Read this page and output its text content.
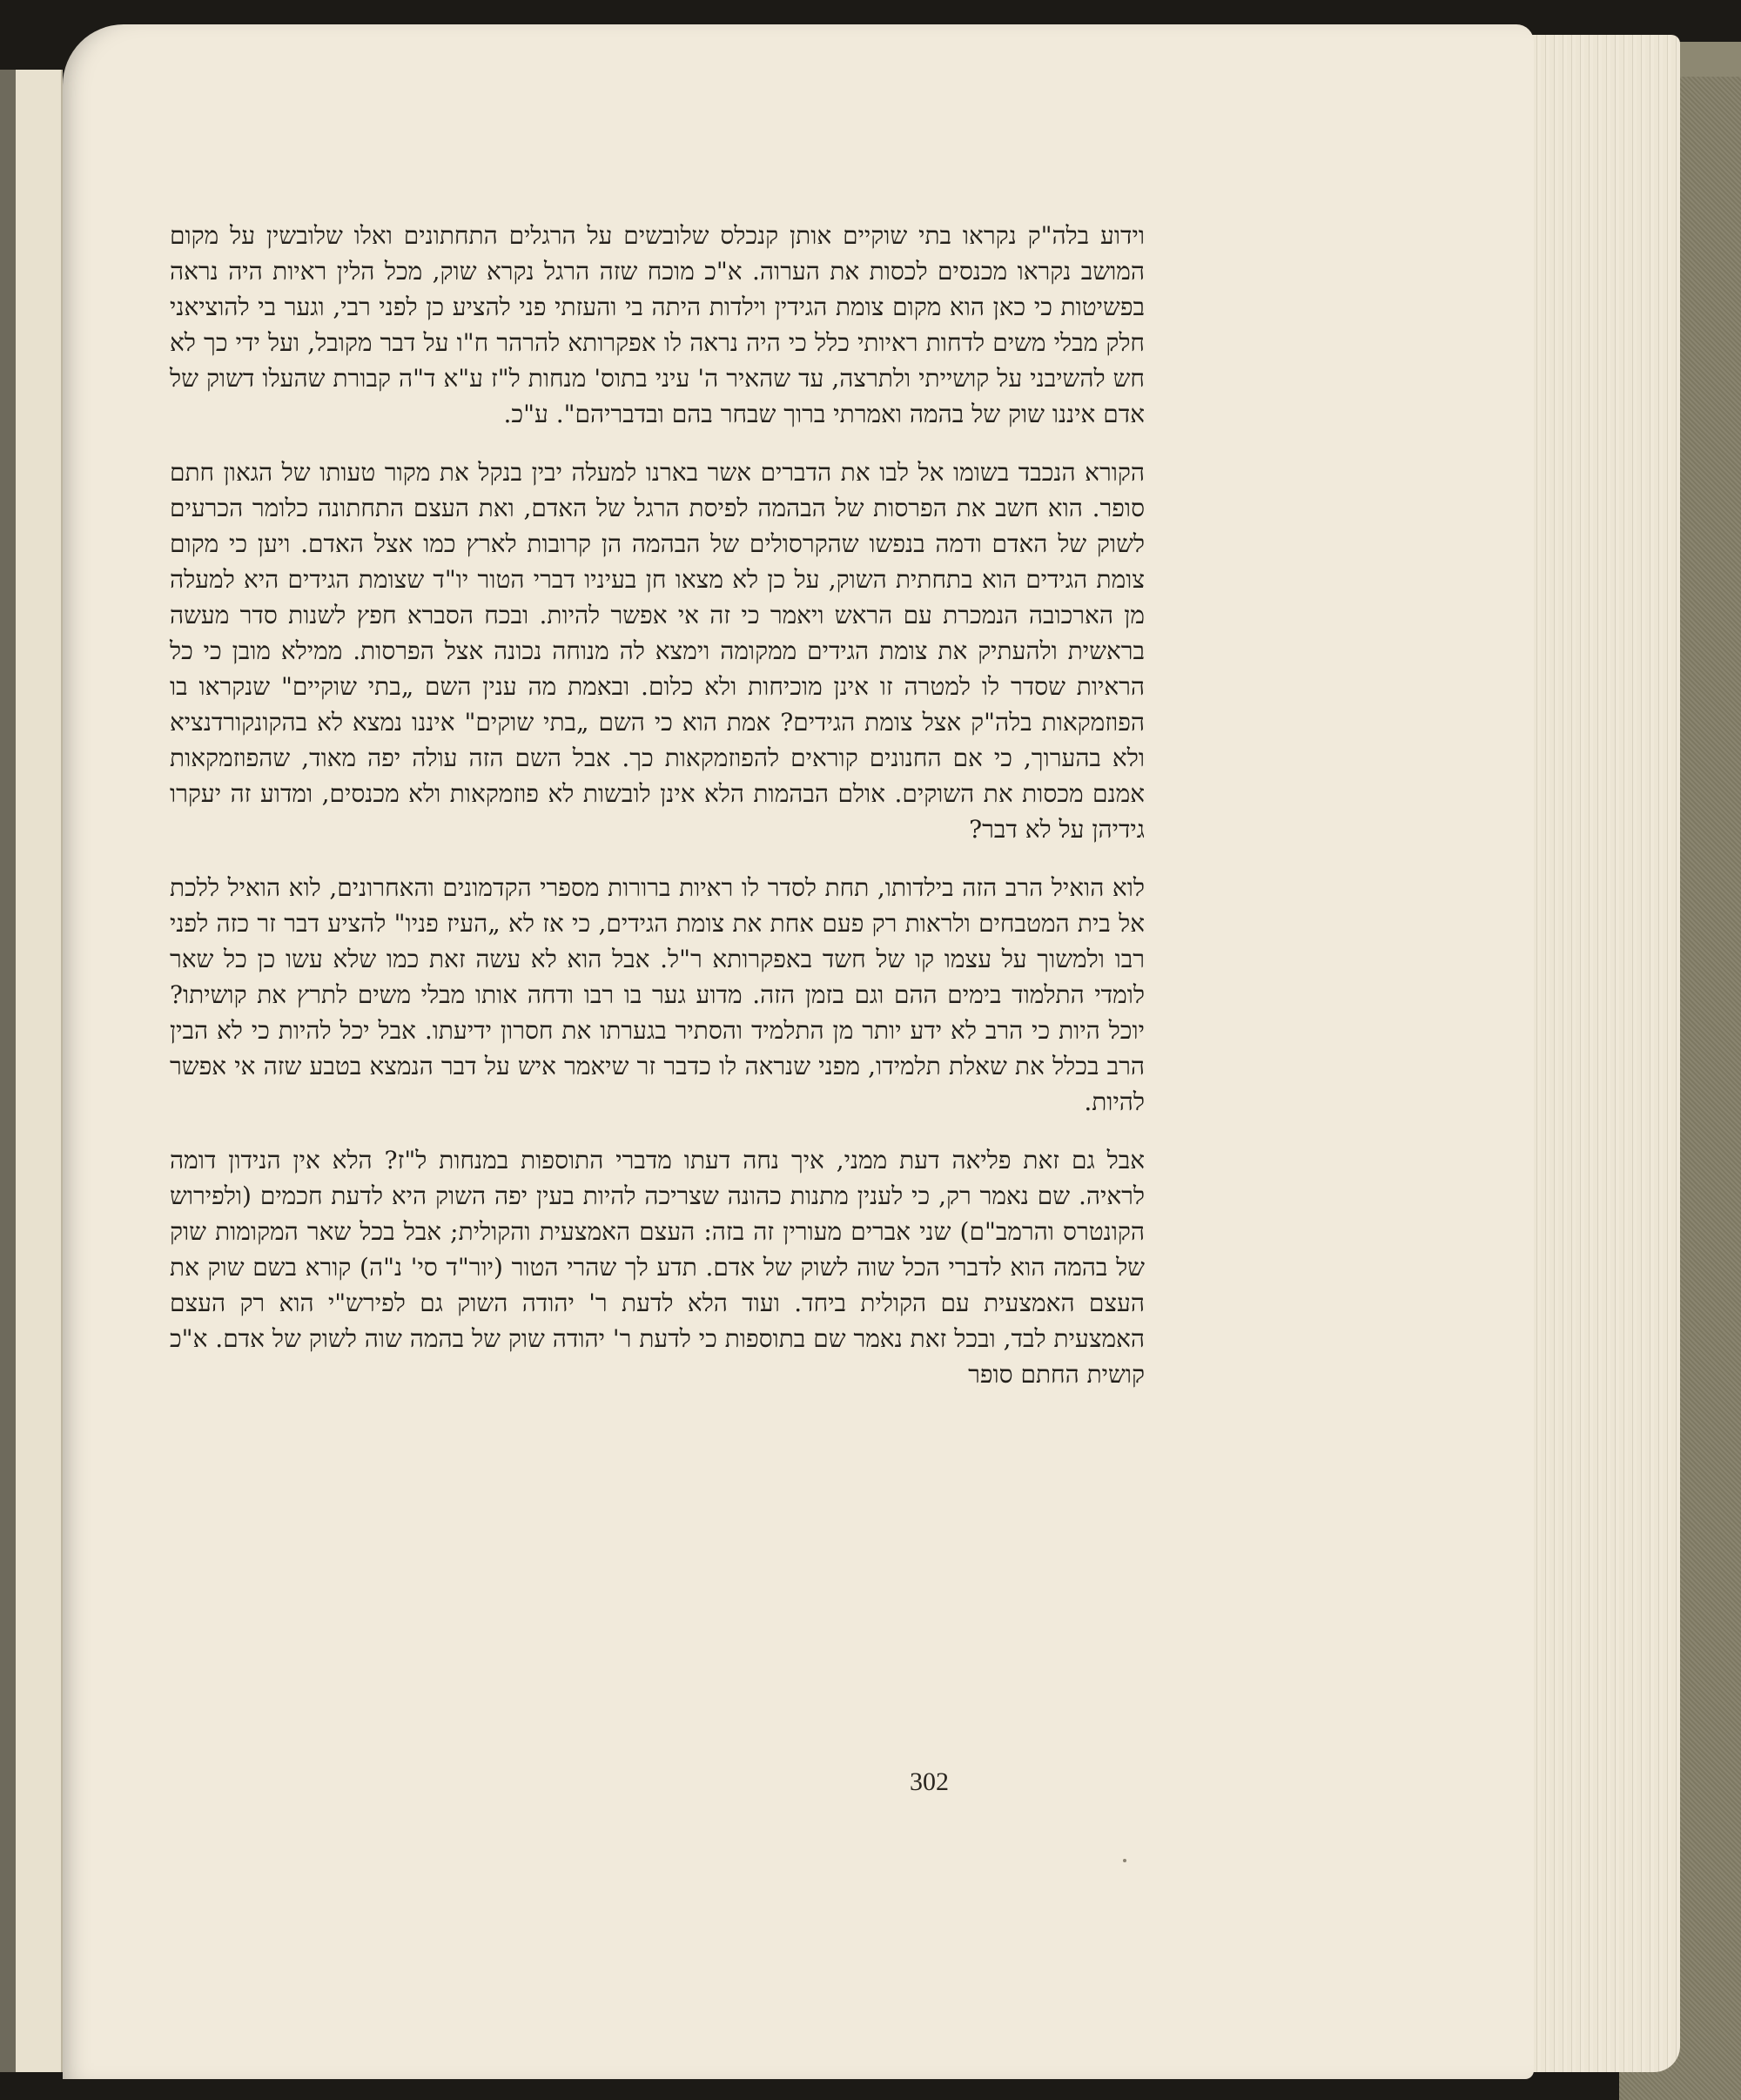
וידוע בלה"ק נקראו בתי שוקיים אותן קנכלס שלובשים על הרגלים התחתונים ואלו שלובשין על מקום המושב נקראו מכנסים לכסות את הערוה. א"כ מוכח שזה הרגל נקרא שוק, מכל הלין ראיות היה נראה בפשיטות כי כאן הוא מקום צומת הגידין וילדות היתה בי והעזתי פני להציע כן לפני רבי, וגער בי להוציאני חלק מבלי משים לדחות ראיותי כלל כי היה נראה לו אפקרותא להרהר ח"ו על דבר מקובל, ועל ידי כך לא חש להשיבני על קושייתי ולתרצה, עד שהאיר ה' עיני בתוס' מנחות ל"ז ע"א ד"ה קבורת שהעלו דשוק של אדם איננו שוק של בהמה ואמרתי ברוך שבחר בהם ובדבריהם". ע"כ.

הקורא הנכבד בשומו אל לבו את הדברים אשר בארנו למעלה יבין בנקל את מקור טעותו של הגאון חתם סופר. הוא חשב את הפרסות של הבהמה לפיסת הרגל של האדם, ואת העצם התחתונה כלומר הכרעים לשוק של האדם ודמה בנפשו שהקרסולים של הבהמה הן קרובות לארץ כמו אצל האדם. ויען כי מקום צומת הגידים הוא בתחתית השוק, על כן לא מצאו חן בעיניו דברי הטור יו"ד שצומת הגידים היא למעלה מן הארכובה הנמכרת עם הראש ויאמר כי זה אי אפשר להיות. ובכח הסברא חפץ לשנות סדר מעשה בראשית ולהעתיק את צומת הגידים ממקומה וימצא לה מנוחה נכונה אצל הפרסות. ממילא מובן כי כל הראיות שסדר לו למטרה זו אינן מוכיחות ולא כלום. ובאמת מה ענין השם „בתי שוקיים" שנקראו בו הפוזמקאות בלה"ק אצל צומת הגידים? אמת הוא כי השם „בתי שוקים" איננו נמצא לא בהקונקורדנציא ולא בהערוך, כי אם החנונים קוראים להפוזמקאות כך. אבל השם הזה עולה יפה מאוד, שהפוזמקאות אמנם מכסות את השוקים. אולם הבהמות הלא אינן לובשות לא פוזמקאות ולא מכנסים, ומדוע זה יעקרו גידיהן על לא דבר?

לוא הואיל הרב הזה בילדותו, תחת לסדר לו ראיות ברורות מספרי הקדמונים והאחרונים, לוא הואיל ללכת אל בית המטבחים ולראות רק פעם אחת את צומת הגידים, כי אז לא „העיז פניו" להציע דבר זר כזה לפני רבו ולמשוך על עצמו קו של חשד באפקרותא ר"ל. אבל הוא לא עשה זאת כמו שלא עשו כן כל שאר לומדי התלמוד בימים ההם וגם בזמן הזה. מדוע גער בו רבו ודחה אותו מבלי משים לתרץ את קושיתו? יוכל היות כי הרב לא ידע יותר מן התלמיד והסתיר בגערתו את חסרון ידיעתו. אבל יכל להיות כי לא הבין הרב בכלל את שאלת תלמידו, מפני שנראה לו כדבר זר שיאמר איש על דבר הנמצא בטבע שזה אי אפשר להיות.

אבל גם זאת פליאה דעת ממני, איך נחה דעתו מדברי התוספות במנחות ל"ז? הלא אין הנידון דומה לראיה. שם נאמר רק, כי לענין מתנות כהונה שצריכה להיות בעין יפה השוק היא לדעת חכמים (ולפירוש הקונטרס והרמב"ם) שני אברים מעורין זה בזה: העצם האמצעית והקולית; אבל בכל שאר המקומות שוק של בהמה הוא לדברי הכל שוה לשוק של אדם. תדע לך שהרי הטור (יור"ד סי' נ"ה) קורא בשם שוק את העצם האמצעית עם הקולית ביחד. ועוד הלא לדעת ר' יהודה השוק גם לפירש"י הוא רק העצם האמצעית לבד, ובכל זאת נאמר שם בתוספות כי לדעת ר' יהודה שוק של בהמה שוה לשוק של אדם. א"כ קושית החתם סופר

302
